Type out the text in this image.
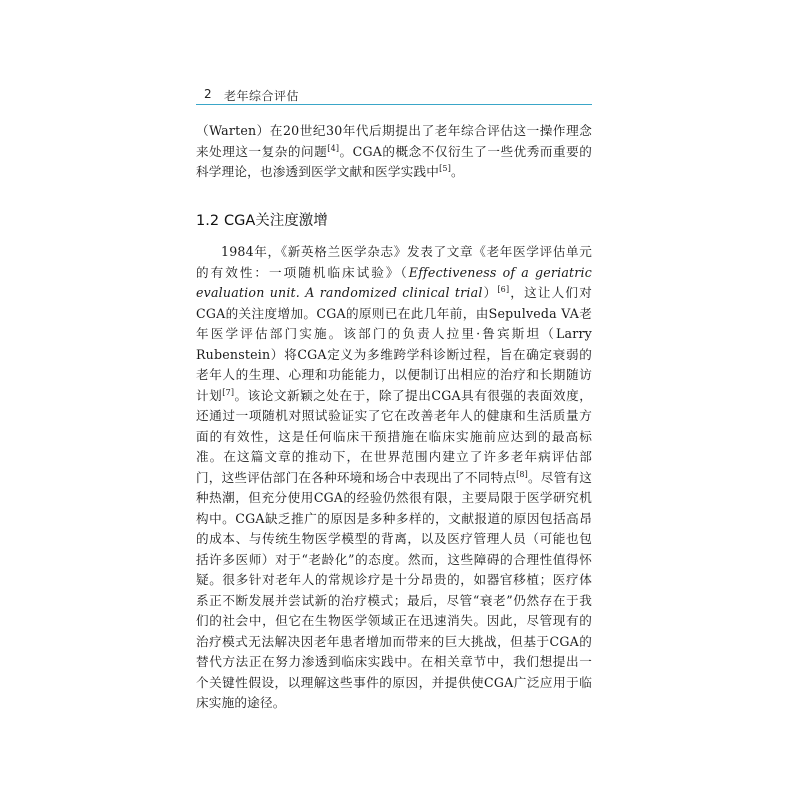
2 老年综合评估
（Warten）在20世纪30年代后期提出了老年综合评估这一操作理念来处理这一复杂的问题[4]。CGA的概念不仅衍生了一些优秀而重要的科学理论，也渗透到医学文献和医学实践中[5]。
1.2 CGA关注度激增
1984年，《新英格兰医学杂志》发表了文章《老年医学评估单元的有效性：一项随机临床试验》（Effectiveness of a geriatric evaluation unit. A randomized clinical trial）[6]，这让人们对CGA的关注度增加。CGA的原则已在此几年前，由Sepulveda VA老年医学评估部门实施。该部门的负责人拉里·鲁宾斯坦（Larry Rubenstein）将CGA定义为多维跨学科诊断过程，旨在确定衰弱的老年人的生理、心理和功能能力，以便制订出相应的治疗和长期随访计划[7]。该论文新颖之处在于，除了提出CGA具有很强的表面效度，还通过一项随机对照试验证实了它在改善老年人的健康和生活质量方面的有效性，这是任何临床干预措施在临床实施前应达到的最高标准。在这篇文章的推动下，在世界范围内建立了许多老年病评估部门，这些评估部门在各种环境和场合中表现出了不同特点[8]。尽管有这种热潮，但充分使用CGA的经验仍然很有限，主要局限于医学研究机构中。CGA缺乏推广的原因是多种多样的，文献报道的原因包括高昂的成本、与传统生物医学模型的背离，以及医疗管理人员（可能也包括许多医师）对于“老龄化”的态度。然而，这些障碍的合理性值得怀疑。很多针对老年人的常规诊疗是十分昂贵的，如器官移植；医疗体系正不断发展并尝试新的治疗模式；最后，尽管“衰老”仍然存在于我们的社会中，但它在生物医学领域正在迅速消失。因此，尽管现有的治疗模式无法解决因老年患者增加而带来的巨大挑战，但基于CGA的替代方法正在努力渗透到临床实践中。在相关章节中，我们想提出一个关键性假设，以理解这些事件的原因，并提供使CGA广泛应用于临床实施的途径。
